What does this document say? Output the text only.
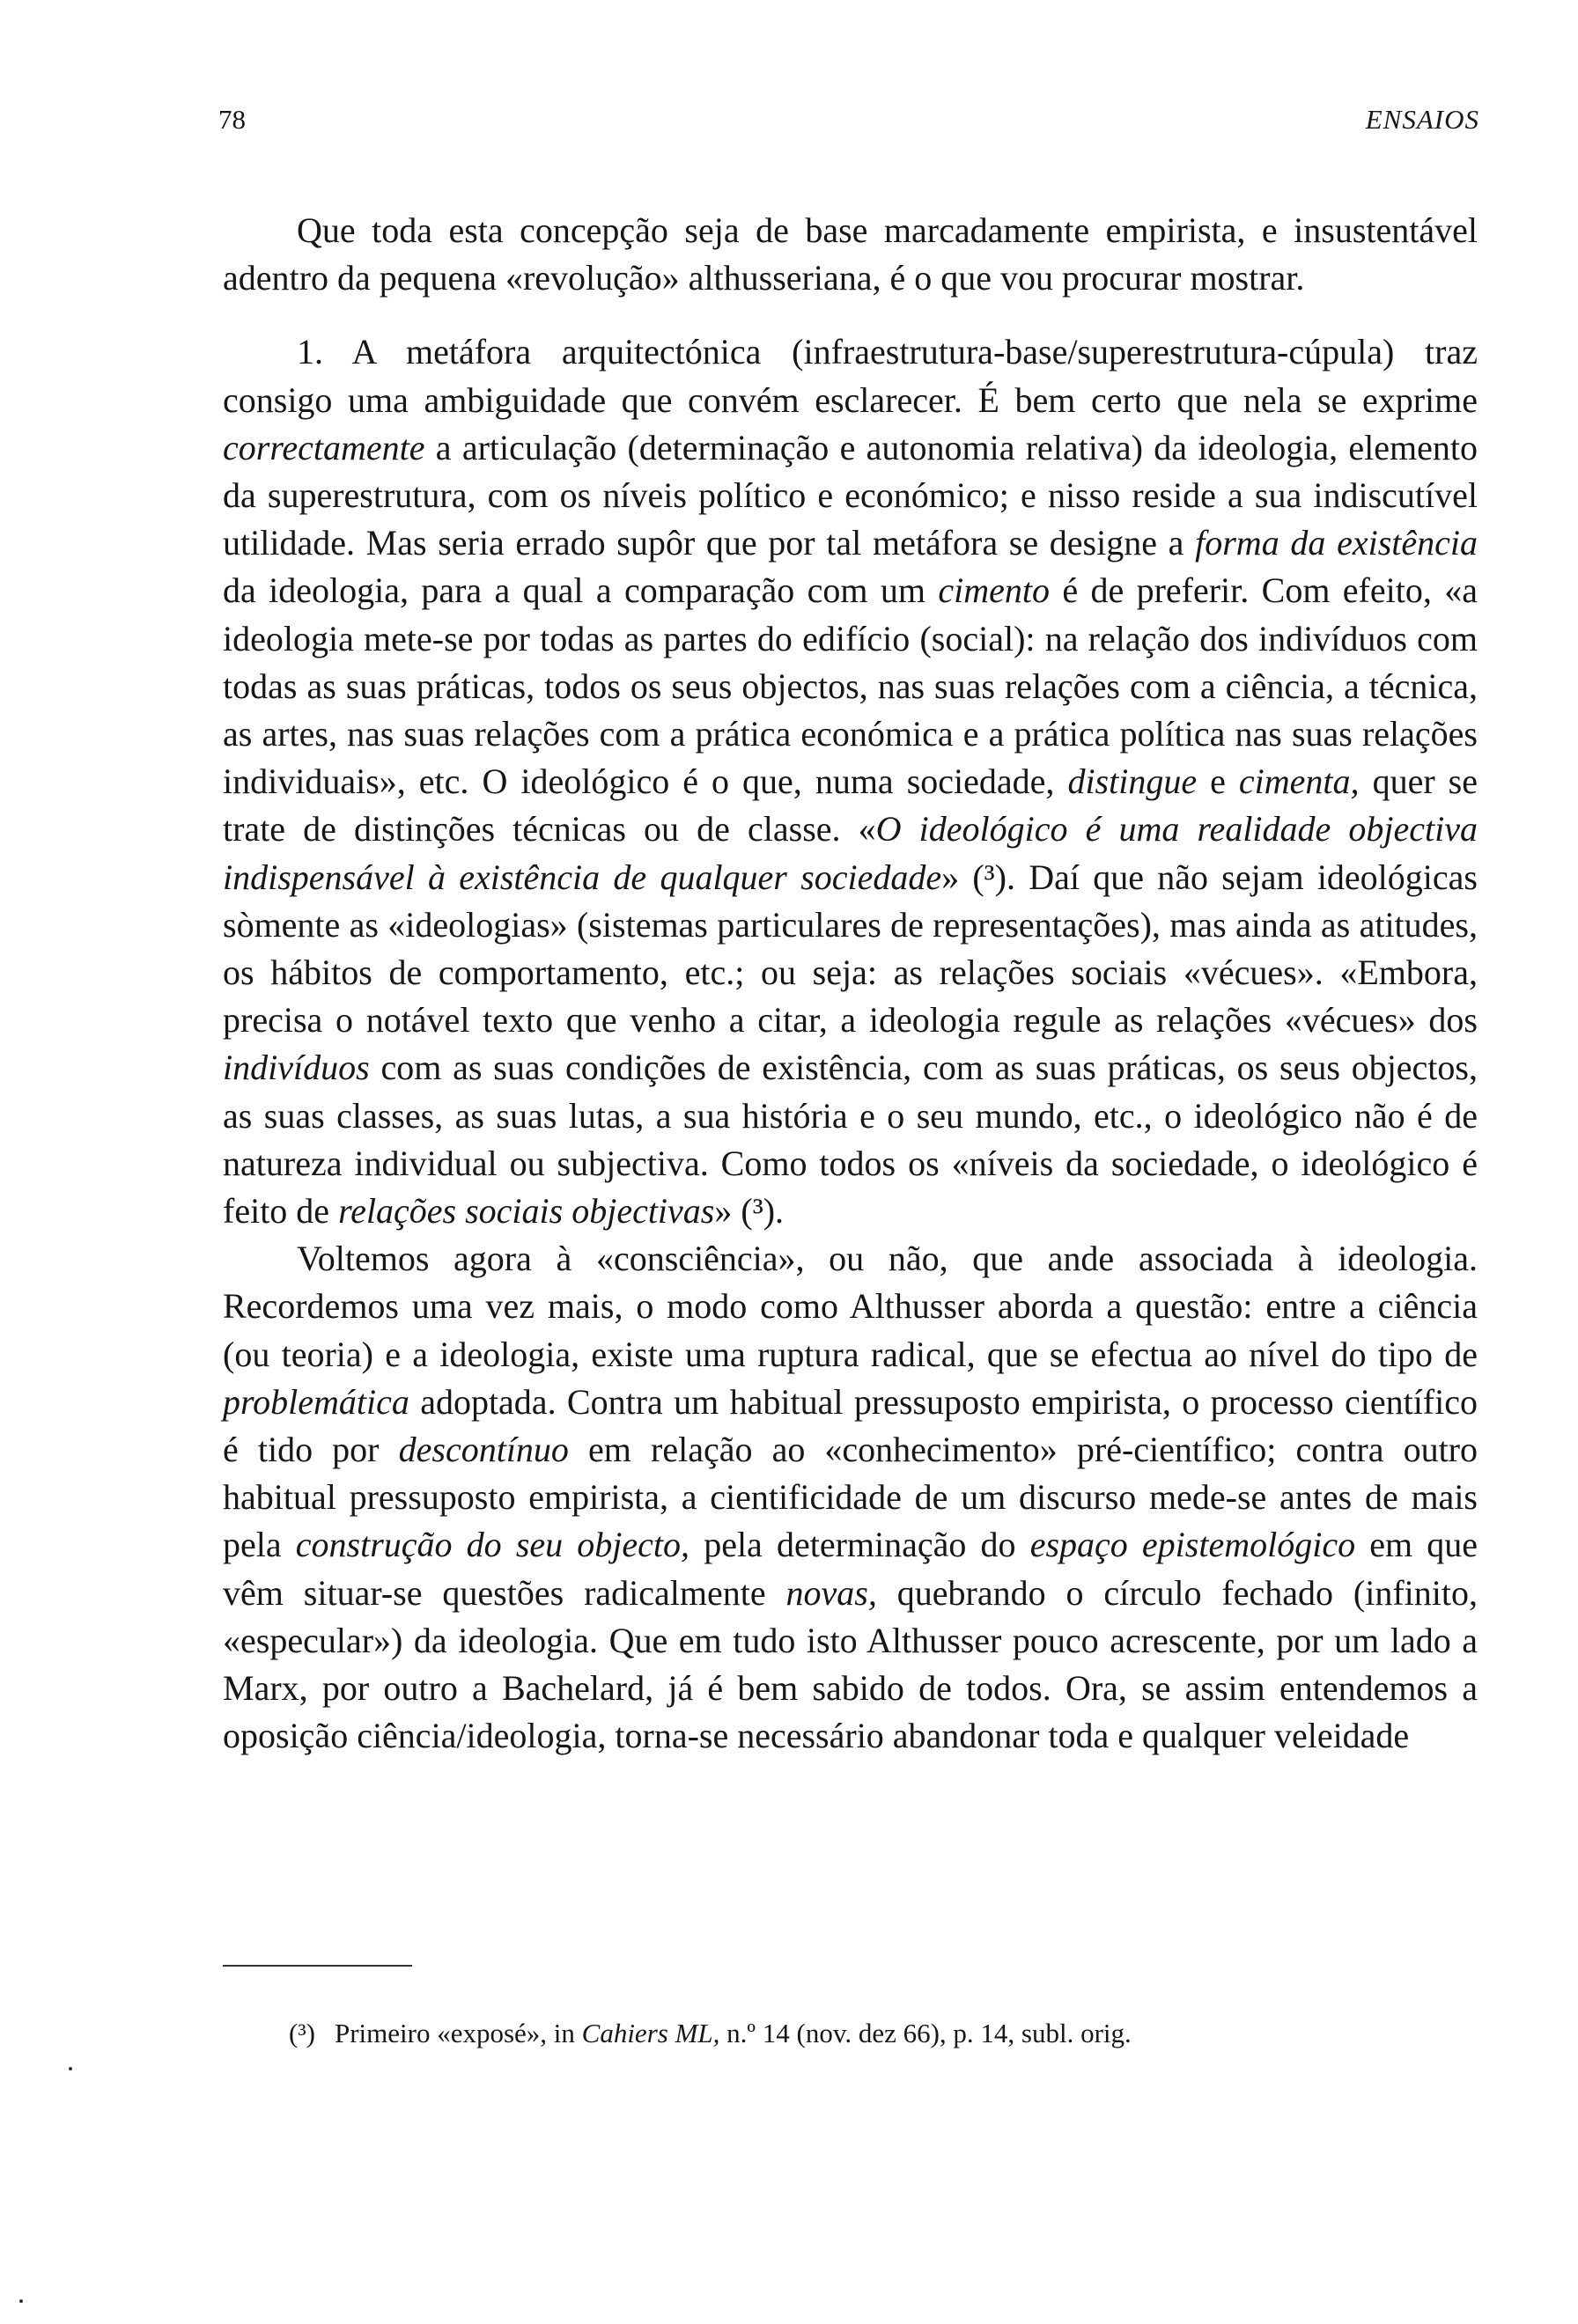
78	ENSAIOS

Que toda esta concepção seja de base marcadamente empirista, e insustentável adentro da pequena «revolução» althusseriana, é o que vou procurar mostrar.

1. A metáfora arquitectónica (infraestrutura-base/superestrutura-cúpula) traz consigo uma ambiguidade que convém esclarecer. É bem certo que nela se exprime correctamente a articulação (determinação e autonomia relativa) da ideologia, elemento da superestrutura, com os níveis político e económico; e nisso reside a sua indiscutível utilidade. Mas seria errado supôr que por tal metáfora se designe a forma da existência da ideologia, para a qual a comparação com um cimento é de preferir. Com efeito, «a ideologia mete-se por todas as partes do edifício (social): na relação dos indivíduos com todas as suas práticas, todos os seus objectos, nas suas relações com a ciência, a técnica, as artes, nas suas relações com a prática económica e a prática política nas suas relações individuais», etc. O ideológico é o que, numa sociedade, distingue e cimenta, quer se trate de distinções técnicas ou de classe. «O ideológico é uma realidade objectiva indispensável à existência de qualquer sociedade» (³). Daí que não sejam ideológicas sòmente as «ideologias» (sistemas particulares de representações), mas ainda as atitudes, os hábitos de comportamento, etc.; ou seja: as relações sociais «vécues». «Embora, precisa o notável texto que venho a citar, a ideologia regule as relações «vécues» dos indivíduos com as suas condições de existência, com as suas práticas, os seus objectos, as suas classes, as suas lutas, a sua história e o seu mundo, etc., o ideológico não é de natureza individual ou subjectiva. Como todos os «níveis da sociedade, o ideológico é feito de relações sociais objectivas» (³).

Voltemos agora à «consciência», ou não, que ande associada à ideologia. Recordemos uma vez mais, o modo como Althusser aborda a questão: entre a ciência (ou teoria) e a ideologia, existe uma ruptura radical, que se efectua ao nível do tipo de problemática adoptada. Contra um habitual pressuposto empirista, o processo científico é tido por descontínuo em relação ao «conhecimento» pré-científico; contra outro habitual pressuposto empirista, a cientificidade de um discurso mede-se antes de mais pela construção do seu objecto, pela determinação do espaço epistemológico em que vêm situar-se questões radicalmente novas, quebrando o círculo fechado (infinito, «especular») da ideologia. Que em tudo isto Althusser pouco acrescente, por um lado a Marx, por outro a Bachelard, já é bem sabido de todos. Ora, se assim entendemos a oposição ciência/ideologia, torna-se necessário abandonar toda e qualquer veleidade

(³) Primeiro «exposé», in Cahiers ML, n.º 14 (nov. dez 66), p. 14, subl. orig.
